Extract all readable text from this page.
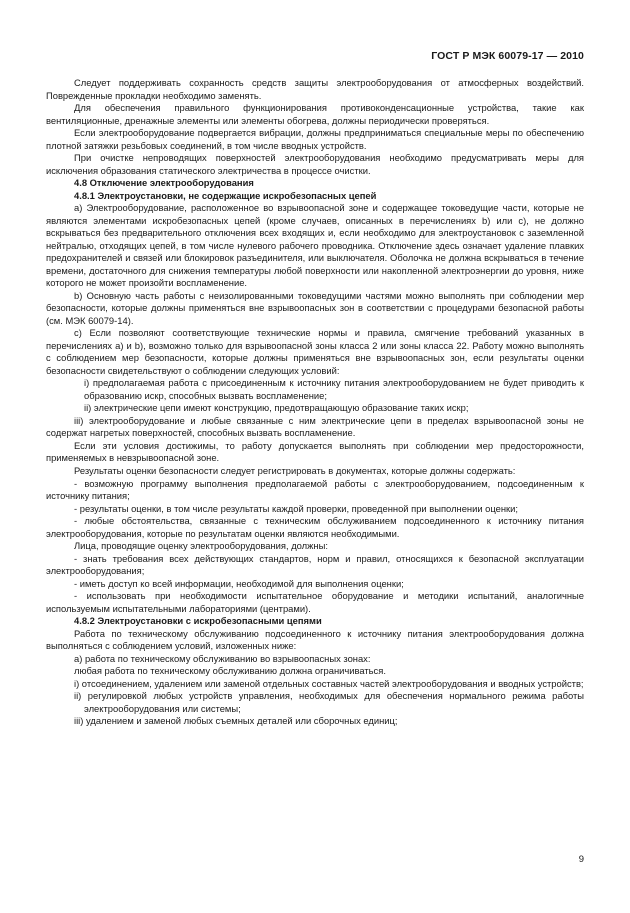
ГОСТ Р МЭК 60079-17 — 2010

Следует поддерживать сохранность средств защиты электрооборудования от атмосферных воздействий. Поврежденные прокладки необходимо заменять.

Для обеспечения правильного функционирования противоконденсационные устройства, такие как вентиляционные, дренажные элементы или элементы обогрева, должны периодически проверяться.

Если электрооборудование подвергается вибрации, должны предприниматься специальные меры по обеспечению плотной затяжки резьбовых соединений, в том числе вводных устройств.

При очистке непроводящих поверхностей электрооборудования необходимо предусматривать меры для исключения образования статического электричества в процессе очистки.

4.8 Отключение электрооборудования

4.8.1 Электроустановки, не содержащие искробезопасных цепей

а) Электрооборудование, расположенное во взрывоопасной зоне и содержащее токоведущие части, которые не являются элементами искробезопасных цепей (кроме случаев, описанных в перечислениях b) или c), не должно вскрываться без предварительного отключения всех входящих и, если необходимо для электроустановок с заземленной нейтралью, отходящих цепей, в том числе нулевого рабочего проводника. Отключение здесь означает удаление плавких предохранителей и связей или блокировок разъединителя, или выключателя. Оболочка не должна вскрываться в течение времени, достаточного для снижения температуры любой поверхности или накопленной электроэнергии до уровня, ниже которого не может произойти воспламенение.

b) Основную часть работы с неизолированными токоведущими частями можно выполнять при соблюдении мер безопасности, которые должны применяться вне взрывоопасных зон в соответствии с процедурами безопасной работы (см. МЭК 60079-14).

c) Если позволяют соответствующие технические нормы и правила, смягчение требований указанных в перечислениях a) и b), возможно только для взрывоопасной зоны класса 2 или зоны класса 22. Работу можно выполнять с соблюдением мер безопасности, которые должны применяться вне взрывоопасных зон, если результаты оценки безопасности свидетельствуют о соблюдении следующих условий:

i) предполагаемая работа с присоединенным к источнику питания электрооборудованием не будет приводить к образованию искр, способных вызвать воспламенение;

ii) электрические цепи имеют конструкцию, предотвращающую образование таких искр;

iii) электрооборудование и любые связанные с ним электрические цепи в пределах взрывоопасной зоны не содержат нагретых поверхностей, способных вызвать воспламенение.

Если эти условия достижимы, то работу допускается выполнять при соблюдении мер предосторожности, применяемых в невзрывоопасной зоне.

Результаты оценки безопасности следует регистрировать в документах, которые должны содержать:

- возможную программу выполнения предполагаемой работы с электрооборудованием, подсоединенным к источнику питания;

- результаты оценки, в том числе результаты каждой проверки, проведенной при выполнении оценки;

- любые обстоятельства, связанные с техническим обслуживанием подсоединенного к источнику питания электрооборудования, которые по результатам оценки являются необходимыми.

Лица, проводящие оценку электрооборудования, должны:

- знать требования всех действующих стандартов, норм и правил, относящихся к безопасной эксплуатации электрооборудования;

- иметь доступ ко всей информации, необходимой для выполнения оценки;

- использовать при необходимости испытательное оборудование и методики испытаний, аналогичные используемым испытательными лабораториями (центрами).

4.8.2 Электроустановки с искробезопасными цепями

Работа по техническому обслуживанию подсоединенного к источнику питания электрооборудования должна выполняться с соблюдением условий, изложенных ниже:

а) работа по техническому обслуживанию во взрывоопасных зонах:

любая работа по техническому обслуживанию должна ограничиваться.

i) отсоединением, удалением или заменой отдельных составных частей электрооборудования и вводных устройств;

ii) регулировкой любых устройств управления, необходимых для обеспечения нормального режима работы электрооборудования или системы;

iii) удалением и заменой любых съемных деталей или сборочных единиц;

9
